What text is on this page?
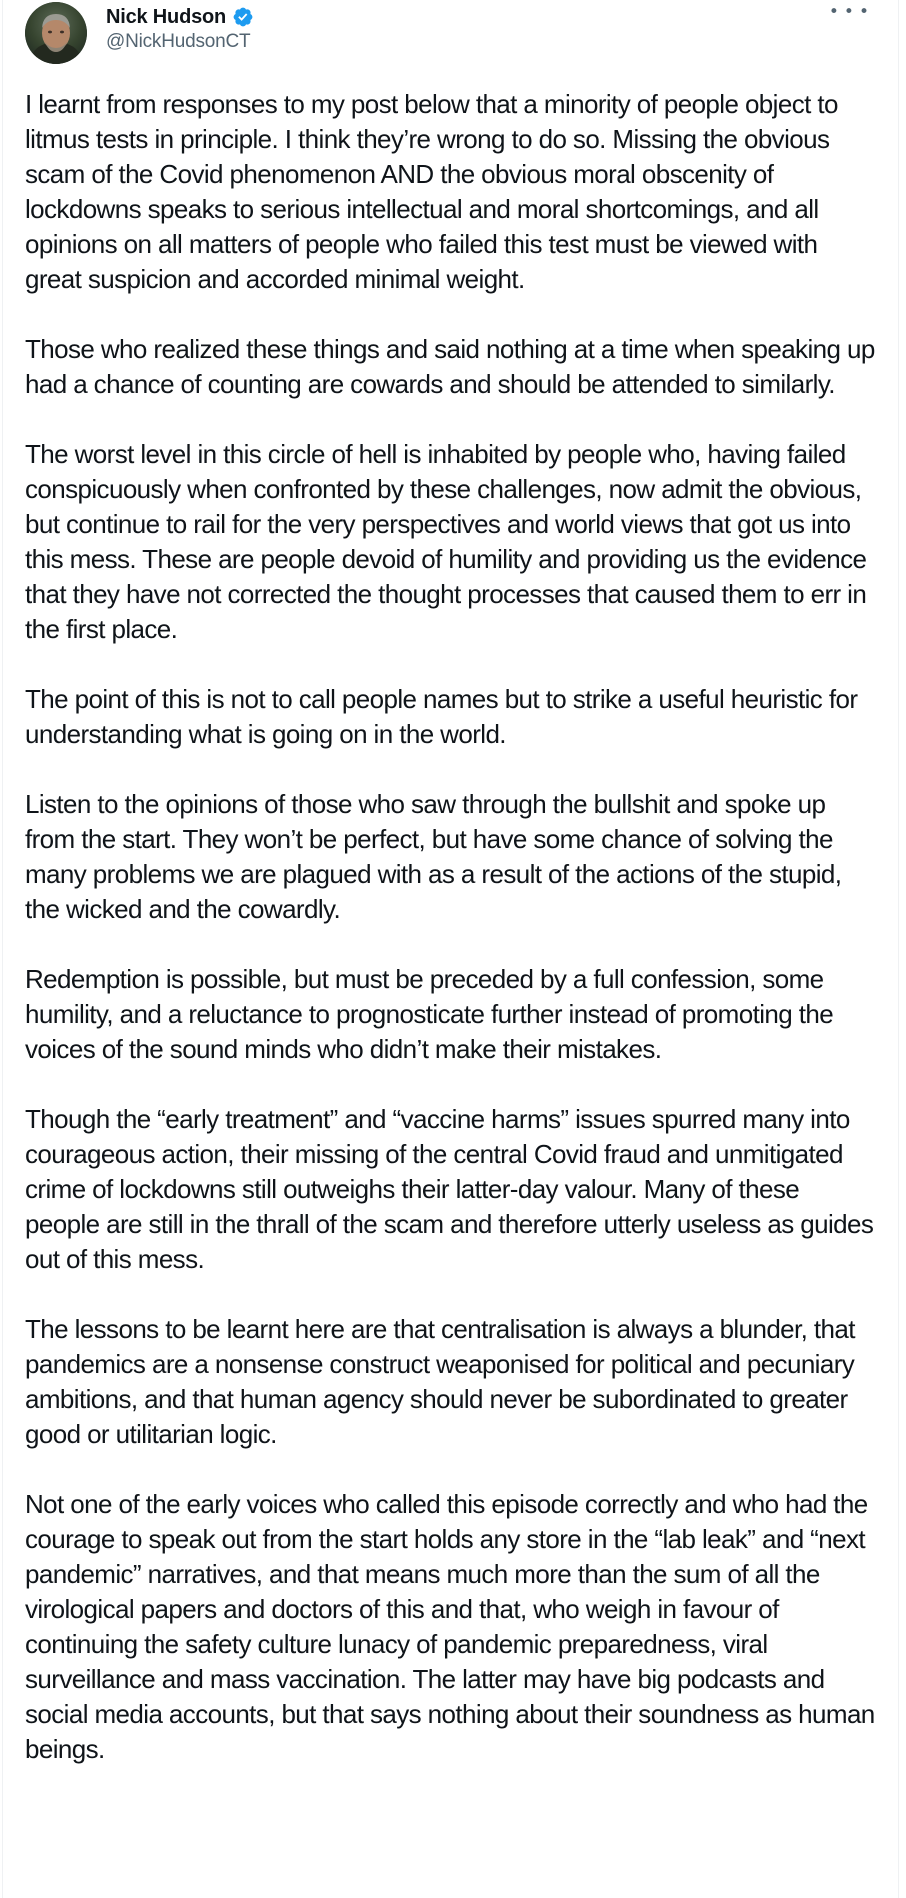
Nick Hudson
@NickHudsonCT
•••

I learnt from responses to my post below that a minority of people object to litmus tests in principle. I think they’re wrong to do so. Missing the obvious scam of the Covid phenomenon AND the obvious moral obscenity of lockdowns speaks to serious intellectual and moral shortcomings, and all opinions on all matters of people who failed this test must be viewed with great suspicion and accorded minimal weight.

Those who realized these things and said nothing at a time when speaking up had a chance of counting are cowards and should be attended to similarly.

The worst level in this circle of hell is inhabited by people who, having failed conspicuously when confronted by these challenges, now admit the obvious, but continue to rail for the very perspectives and world views that got us into this mess. These are people devoid of humility and providing us the evidence that they have not corrected the thought processes that caused them to err in the first place.

The point of this is not to call people names but to strike a useful heuristic for understanding what is going on in the world.

Listen to the opinions of those who saw through the bullshit and spoke up from the start. They won’t be perfect, but have some chance of solving the many problems we are plagued with as a result of the actions of the stupid, the wicked and the cowardly.

Redemption is possible, but must be preceded by a full confession, some humility, and a reluctance to prognosticate further instead of promoting the voices of the sound minds who didn’t make their mistakes.

Though the “early treatment” and “vaccine harms” issues spurred many into courageous action, their missing of the central Covid fraud and unmitigated crime of lockdowns still outweighs their latter-day valour. Many of these people are still in the thrall of the scam and therefore utterly useless as guides out of this mess.

The lessons to be learnt here are that centralisation is always a blunder, that pandemics are a nonsense construct weaponised for political and pecuniary ambitions, and that human agency should never be subordinated to greater good or utilitarian logic.

Not one of the early voices who called this episode correctly and who had the courage to speak out from the start holds any store in the “lab leak” and “next pandemic” narratives, and that means much more than the sum of all the virological papers and doctors of this and that, who weigh in favour of continuing the safety culture lunacy of pandemic preparedness, viral surveillance and mass vaccination. The latter may have big podcasts and social media accounts, but that says nothing about their soundness as human beings.
